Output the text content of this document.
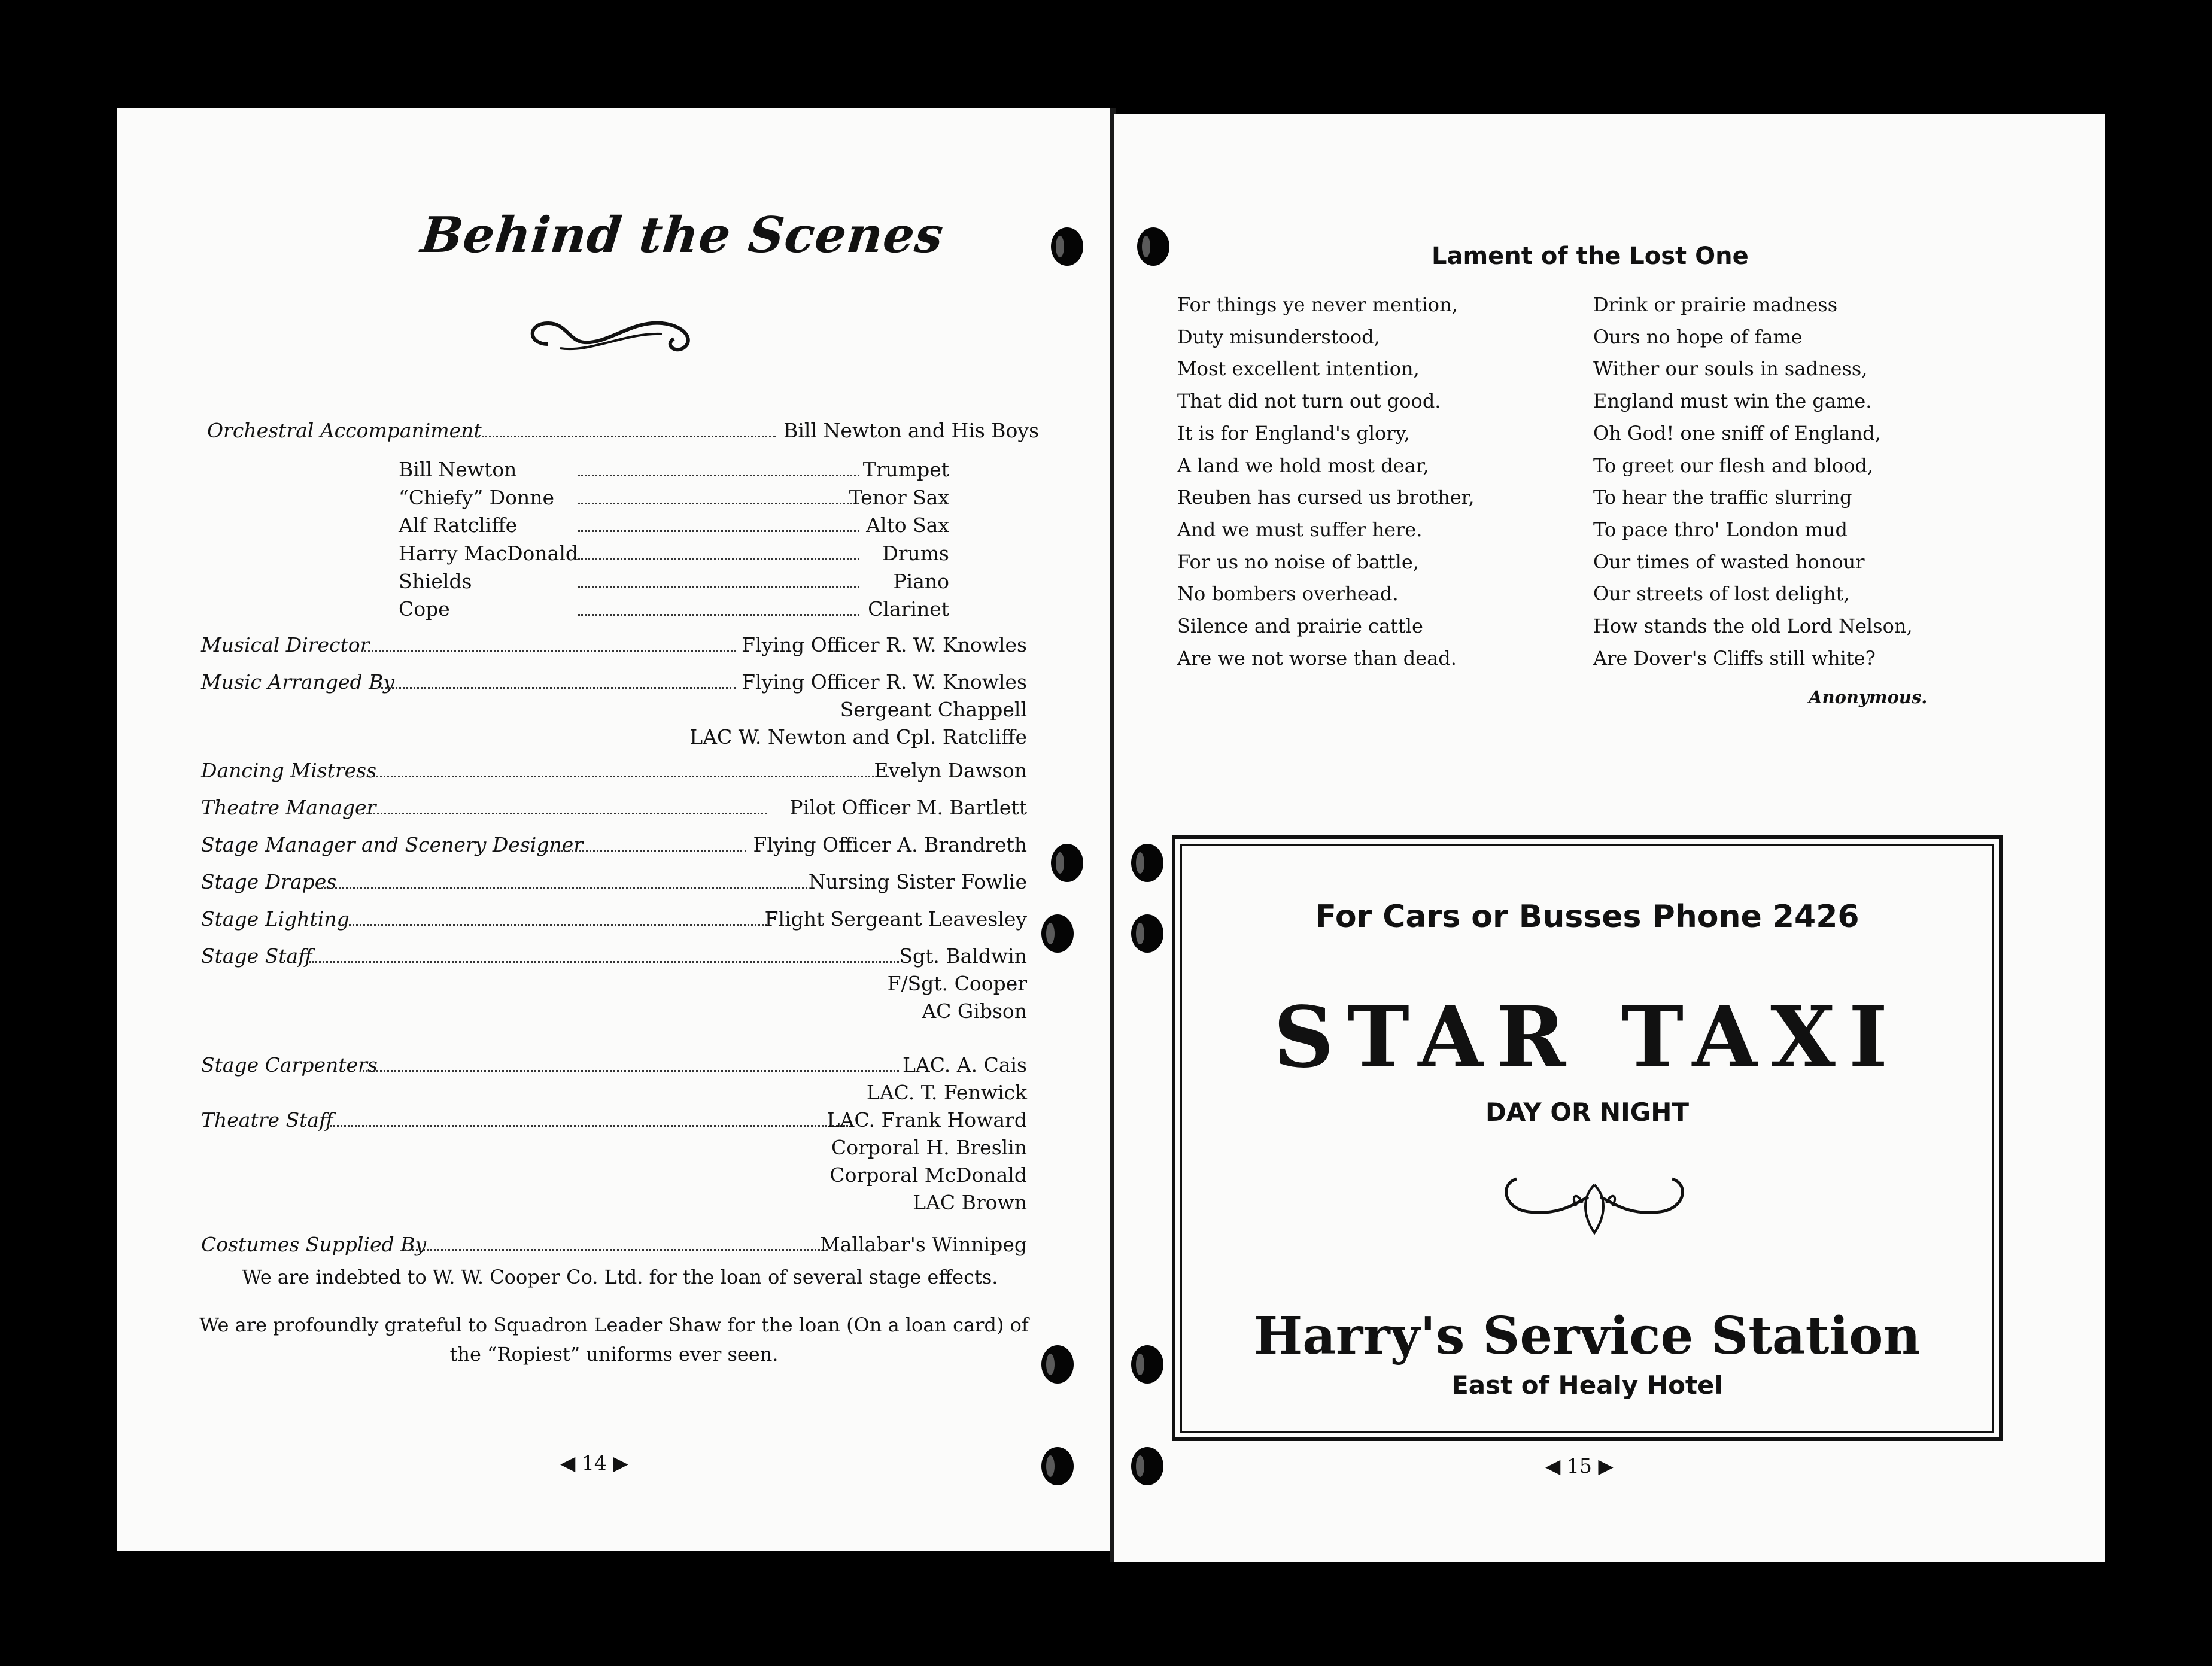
Behind the Scenes
Orchestral Accompaniment	Bill Newton and His Boys
Bill Newton	Trumpet
“Chiefy” Donne	Tenor Sax
Alf Ratcliffe	Alto Sax
Harry MacDonald	Drums
Shields	Piano
Cope	Clarinet
Musical Director	Flying Officer R. W. Knowles
Music Arranged By	Flying Officer R. W. Knowles
Sergeant Chappell
LAC W. Newton and Cpl. Ratcliffe
Dancing Mistress	Evelyn Dawson
Theatre Manager	Pilot Officer M. Bartlett
Stage Manager and Scenery Designer	Flying Officer A. Brandreth
Stage Drapes	Nursing Sister Fowlie
Stage Lighting	Flight Sergeant Leavesley
Stage Staff	Sgt. Baldwin
F/Sgt. Cooper
AC Gibson
Stage Carpenters	LAC. A. Cais
LAC. T. Fenwick
Theatre Staff	LAC. Frank Howard
Corporal H. Breslin
Corporal McDonald
LAC Brown
Costumes Supplied By	Mallabar's Winnipeg
We are indebted to W. W. Cooper Co. Ltd. for the loan of several stage effects.
We are profoundly grateful to Squadron Leader Shaw for the loan (On a loan card) of
the “Ropiest” uniforms ever seen.
◀ 14 ▶
Lament of the Lost One
For things ye never mention,
Duty misunderstood,
Most excellent intention,
That did not turn out good.
It is for England's glory,
A land we hold most dear,
Reuben has cursed us brother,
And we must suffer here.
For us no noise of battle,
No bombers overhead.
Silence and prairie cattle
Are we not worse than dead.
Drink or prairie madness
Ours no hope of fame
Wither our souls in sadness,
England must win the game.
Oh God! one sniff of England,
To greet our flesh and blood,
To hear the traffic slurring
To pace thro' London mud
Our times of wasted honour
Our streets of lost delight,
How stands the old Lord Nelson,
Are Dover's Cliffs still white?
Anonymous.
For Cars or Busses Phone 2426
STAR TAXI
DAY OR NIGHT
Harry's Service Station
East of Healy Hotel
◀ 15 ▶
